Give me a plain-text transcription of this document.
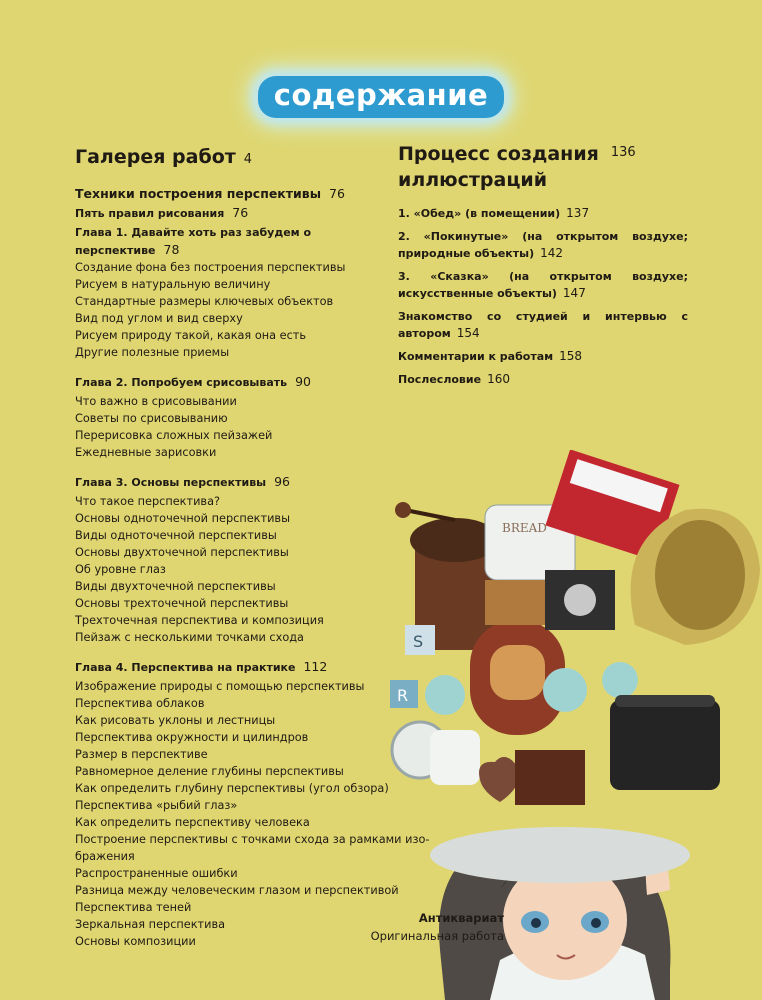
содержание
Галерея работ 4
Техники построения перспективы 76
Пять правил рисования 76
Глава 1. Давайте хоть раз забудем о перспективе 78
Создание фона без построения перспективы
Рисуем в натуральную величину
Стандартные размеры ключевых объектов
Вид под углом и вид сверху
Рисуем природу такой, какая она есть
Другие полезные приемы
Глава 2. Попробуем срисовывать 90
Что важно в срисовывании
Советы по срисовыванию
Перерисовка сложных пейзажей
Ежедневные зарисовки
Глава 3. Основы перспективы 96
Что такое перспектива?
Основы одноточечной перспективы
Виды одноточечной перспективы
Основы двухточечной перспективы
Об уровне глаз
Виды двухточечной перспективы
Основы трехточечной перспективы
Трехточечная перспектива и композиция
Пейзаж с несколькими точками схода
Глава 4. Перспектива на практике 112
Изображение природы с помощью перспективы
Перспектива облаков
Как рисовать уклоны и лестницы
Перспектива окружности и цилиндров
Размер в перспективе
Равномерное деление глубины перспективы
Как определить глубину перспективы (угол обзора)
Перспектива «рыбий глаз»
Как определить перспективу человека
Построение перспективы с точками схода за рамками изо-
бражения
Распространенные ошибки
Разница между человеческим глазом и перспективой
Перспектива теней
Зеркальная перспектива
Основы композиции
Процесс создания $^{136}$
иллюстраций
1. «Обед» (в помещении) 137
2. «Покинутые» (на открытом воздухе; природные объекты) 142
3. «Сказка» (на открытом воздухе; искусственные объекты) 147
Знакомство со студией и интервью с автором 154
Комментарии к работам 158
Послесловие 160
BREAD
S
R
Антиквариат
Оригинальная работа
